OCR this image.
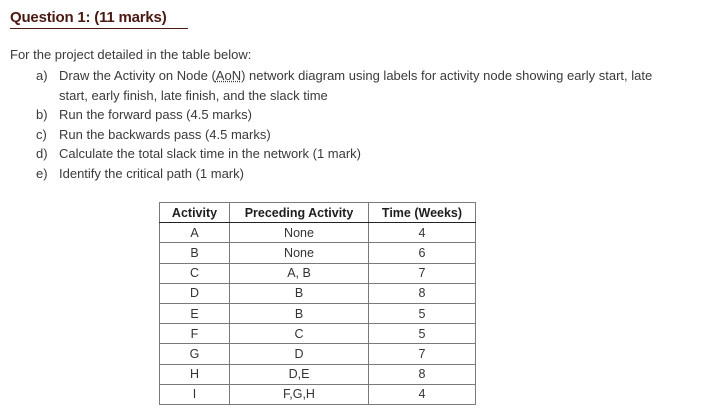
Question 1: (11 marks)
For the project detailed in the table below:
a) Draw the Activity on Node (AoN) network diagram using labels for activity node showing early start, late start, early finish, late finish, and the slack time
b) Run the forward pass (4.5 marks)
c) Run the backwards pass (4.5 marks)
d) Calculate the total slack time in the network (1 mark)
e) Identify the critical path (1 mark)
Activity	Preceding Activity	Time (Weeks)
A	None	4
B	None	6
C	A, B	7
D	B	8
E	B	5
F	C	5
G	D	7
H	D,E	8
I	F,G,H	4
